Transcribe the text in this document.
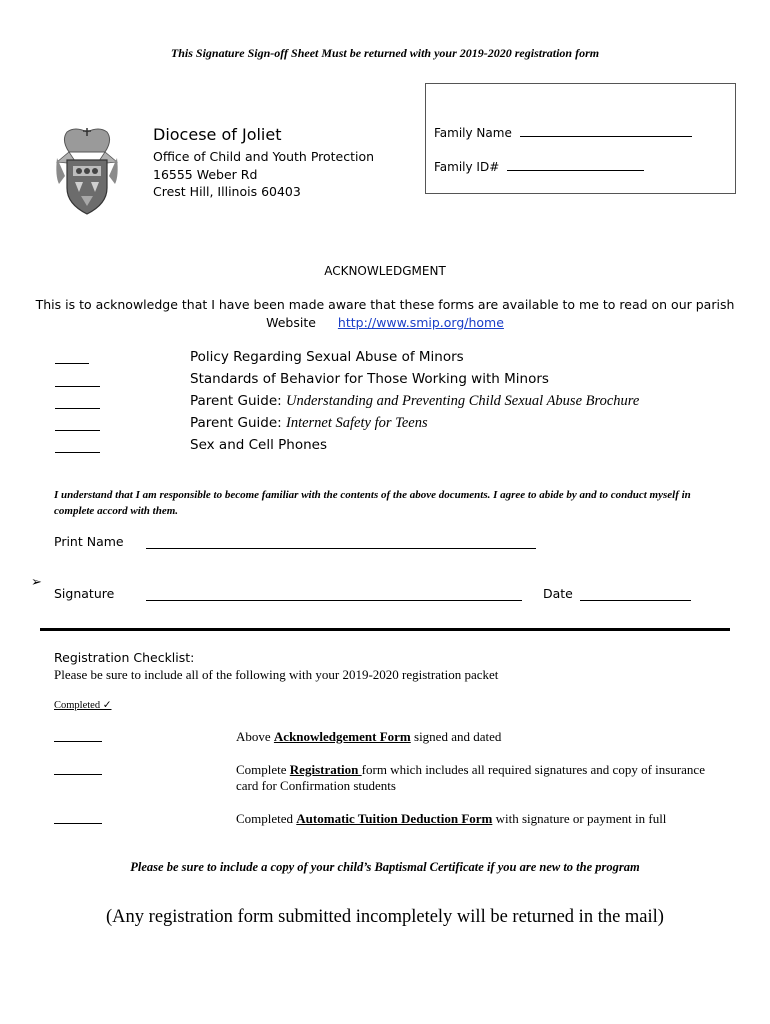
This Signature Sign-off Sheet Must be returned with your 2019-2020 registration form
Family Name
Family ID#
Diocese of Joliet
Office of Child and Youth Protection
16555 Weber Rd
Crest Hill, Illinois 60403
ACKNOWLEDGMENT
This is to acknowledge that I have been made aware that these forms are available to me to read on our parish
Website http://www.smip.org/home
Policy Regarding Sexual Abuse of Minors
Standards of Behavior for Those Working with Minors
Parent Guide: Understanding and Preventing Child Sexual Abuse Brochure
Parent Guide: Internet Safety for Teens
Sex and Cell Phones
I understand that I am responsible to become familiar with the contents of the above documents. I agree to abide by and to conduct myself in complete accord with them.
Print Name
➢
Signature	Date
Registration Checklist:
Please be sure to include all of the following with your 2019-2020 registration packet
Completed ✓
Above Acknowledgement Form signed and dated
Complete Registration form which includes all required signatures and copy of insurance card for Confirmation students
Completed Automatic Tuition Deduction Form with signature or payment in full
Please be sure to include a copy of your child’s Baptismal Certificate if you are new to the program
(Any registration form submitted incompletely will be returned in the mail)
